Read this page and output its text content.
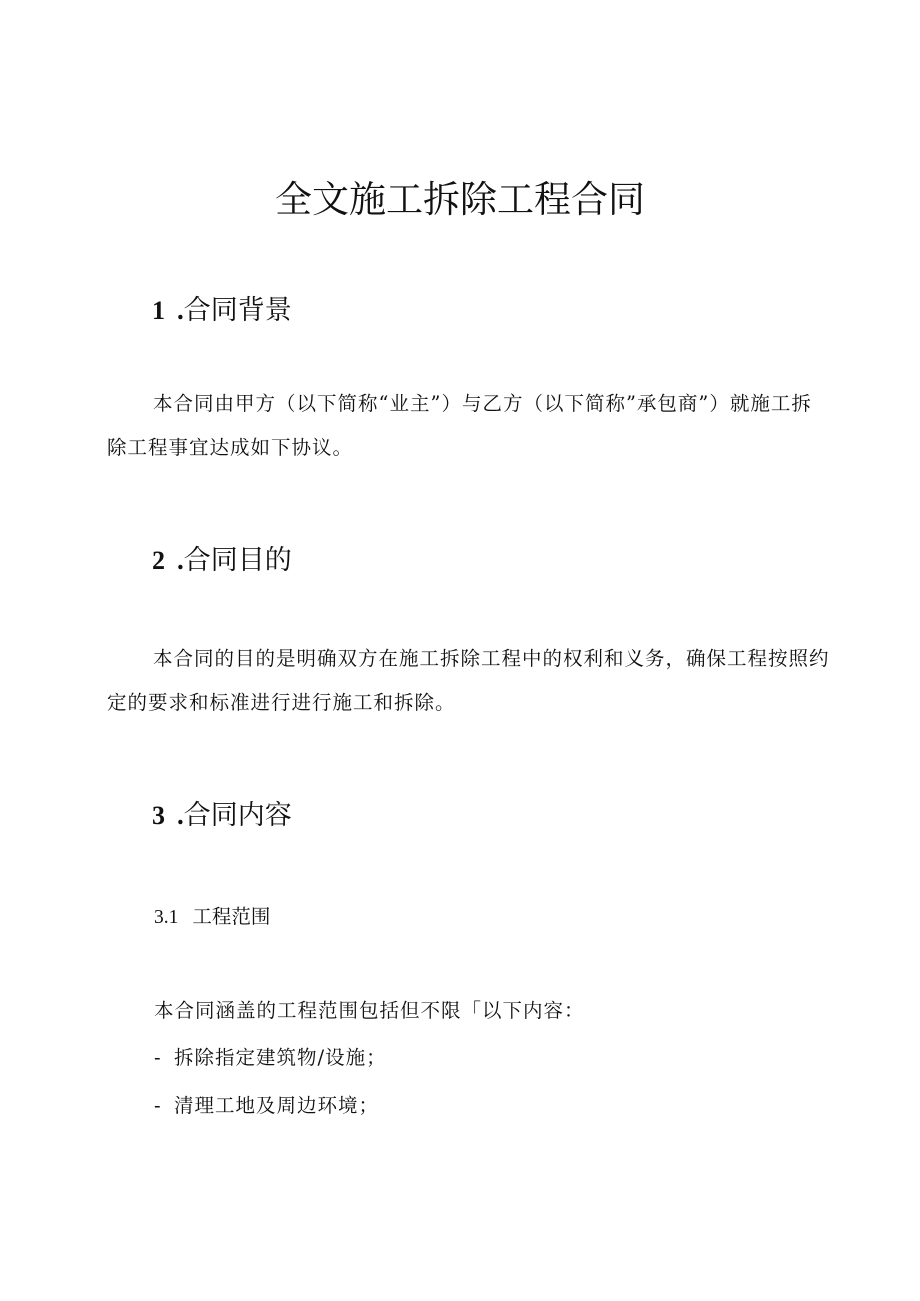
全文施工拆除工程合同
1 .合同背景

本合同由甲方（以下简称“业主”）与乙方（以下简称”承包商”）就施工拆除工程事宜达成如下协议。

2 .合同目的

本合同的目的是明确双方在施工拆除工程中的权利和义务，确保工程按照约定的要求和标准进行进行施工和拆除。

3 .合同内容
3.1 工程范围

本合同涵盖的工程范围包括但不限「以下内容：

- 拆除指定建筑物/设施；

- 清理工地及周边环境；
